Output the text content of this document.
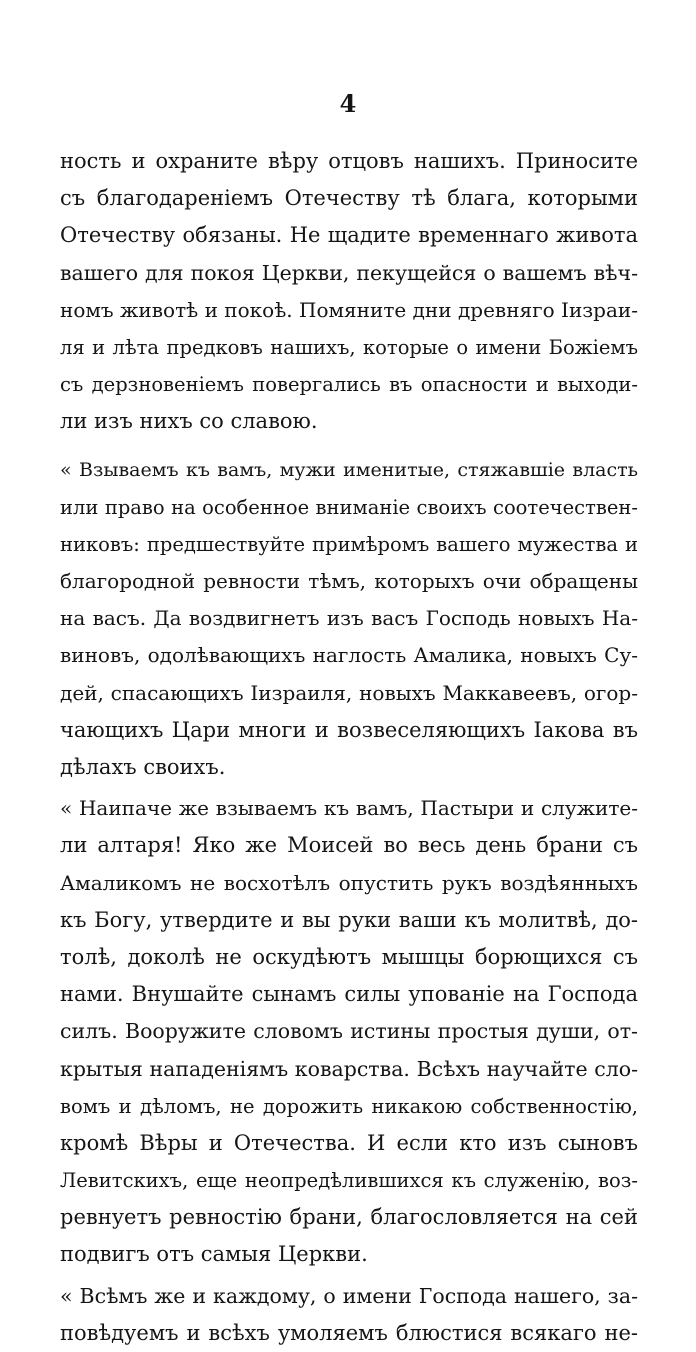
4
ность и охраните вѣру отцовъ нашихъ. Приносите
съ благодаренiемъ Отечеству тѣ блага, которыми
Отечеству обязаны. Не щадите временнаго живота
вашего для покоя Церкви, пекущейся о вашемъ вѣч-
номъ животѣ и покоѣ. Помяните дни древняго Iизраи-
ля и лѣта предковъ нашихъ, которые о имени Божiемъ
съ дерзновенiемъ повергались въ опасности и выходи-
ли изъ нихъ со славою.
« Взываемъ къ вамъ, мужи именитые, стяжавшiе власть
или право на особенное вниманiе своихъ соотечествен-
никовъ: предшествуйте примѣромъ вашего мужества и
благородной ревности тѣмъ, которыхъ очи обращены
на васъ. Да воздвигнетъ изъ васъ Господь новыхъ На-
виновъ, одолѣвающихъ наглость Амалика, новыхъ Су-
дей, спасающихъ Iизраиля, новыхъ Маккавеевъ, огор-
чающихъ Цари многи и возвеселяющихъ Iакова въ
дѣлахъ своихъ.
« Наипаче же взываемъ къ вамъ, Пастыри и служите-
ли алтаря! Яко же Моисей во весь день брани съ
Амаликомъ не восхотѣлъ опустить рукъ воздѣянныхъ
къ Богу, утвердите и вы руки ваши къ молитвѣ, до-
толѣ, доколѣ не оскудѣютъ мышцы борющихся съ
нами. Внушайте сынамъ силы упованiе на Господа
силъ. Вооружите словомъ истины простыя души, от-
крытыя нападенiямъ коварства. Всѣхъ научайте сло-
вомъ и дѣломъ, не дорожить никакою собственностiю,
кромѣ Вѣры и Отечества. И если кто изъ сыновъ
Левитскихъ, еще неопредѣлившихся къ служенiю, воз-
ревнуетъ ревностiю брани, благословляется на сей
подвигъ отъ самыя Церкви.
« Всѣмъ же и каждому, о имени Господа нашего, за-
повѣдуемъ и всѣхъ умоляемъ блюстися всякаго не-
